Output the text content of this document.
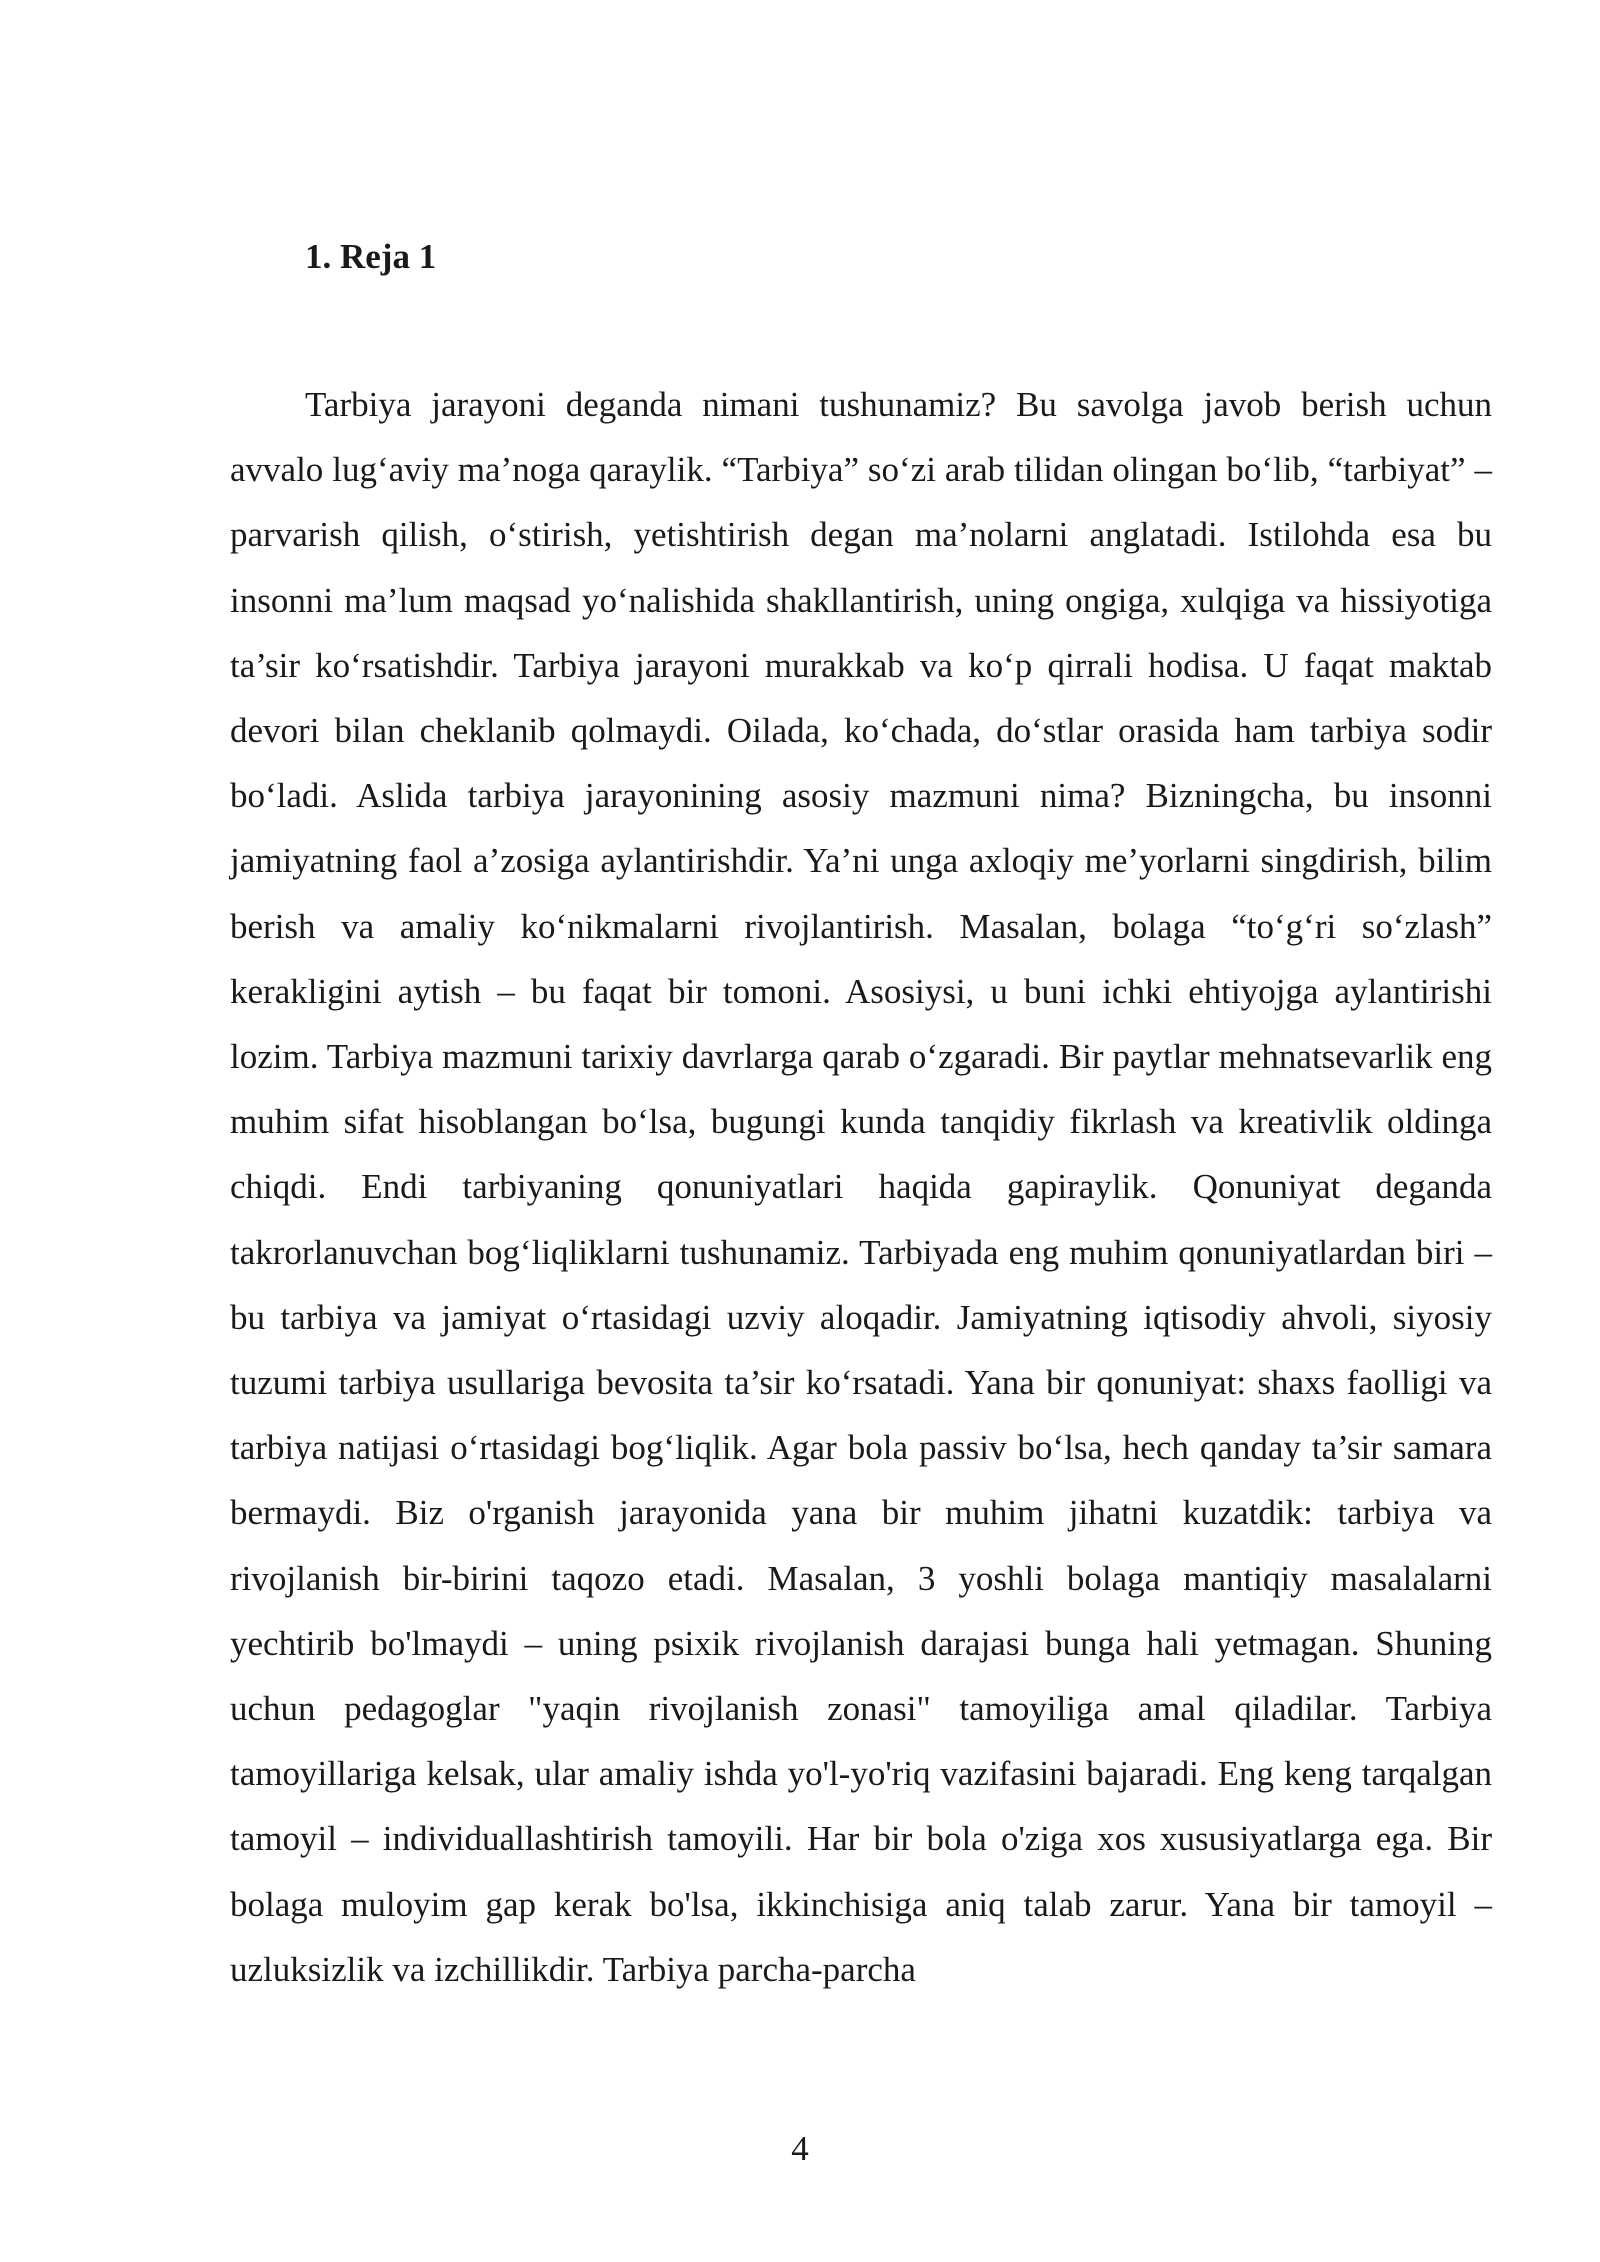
1. Reja 1

Tarbiya jarayoni deganda nimani tushunamiz? Bu savolga javob berish uchun avvalo lug‘aviy ma’noga qaraylik. “Tarbiya” so‘zi arab tilidan olingan bo‘lib, “tarbiyat” – parvarish qilish, o‘stirish, yetishtirish degan ma’nolarni anglatadi. Istilohda esa bu insonni ma’lum maqsad yo‘nalishida shakllantirish, uning ongiga, xulqiga va hissiyotiga ta’sir ko‘rsatishdir. Tarbiya jarayoni murakkab va ko‘p qirrali hodisa. U faqat maktab devori bilan cheklanib qolmaydi. Oilada, ko‘chada, do‘stlar orasida ham tarbiya sodir bo‘ladi. Aslida tarbiya jarayonining asosiy mazmuni nima? Bizningcha, bu insonni jamiyatning faol a’zosiga aylantirishdir. Ya’ni unga axloqiy me’yorlarni singdirish, bilim berish va amaliy ko‘nikmalarni rivojlantirish. Masalan, bolaga “to‘g‘ri so‘zlash” kerakligini aytish – bu faqat bir tomoni. Asosiysi, u buni ichki ehtiyojga aylantirishi lozim. Tarbiya mazmuni tarixiy davrlarga qarab o‘zgaradi. Bir paytlar mehnatsevarlik eng muhim sifat hisoblangan bo‘lsa, bugungi kunda tanqidiy fikrlash va kreativlik oldinga chiqdi. Endi tarbiyaning qonuniyatlari haqida gapiraylik. Qonuniyat deganda takrorlanuvchan bog‘liqliklarni tushunamiz. Tarbiyada eng muhim qonuniyatlardan biri – bu tarbiya va jamiyat o‘rtasidagi uzviy aloqadir. Jamiyatning iqtisodiy ahvoli, siyosiy tuzumi tarbiya usullariga bevosita ta’sir ko‘rsatadi. Yana bir qonuniyat: shaxs faolligi va tarbiya natijasi o‘rtasidagi bog‘liqlik. Agar bola passiv bo‘lsa, hech qanday ta’sir samara bermaydi. Biz o'rganish jarayonida yana bir muhim jihatni kuzatdik: tarbiya va rivojlanish bir-birini taqozo etadi. Masalan, 3 yoshli bolaga mantiqiy masalalarni yechtirib bo'lmaydi – uning psixik rivojlanish darajasi bunga hali yetmagan. Shuning uchun pedagoglar "yaqin rivojlanish zonasi" tamoyiliga amal qiladilar. Tarbiya tamoyillariga kelsak, ular amaliy ishda yo'l-yo'riq vazifasini bajaradi. Eng keng tarqalgan tamoyil – individuallashtirish tamoyili. Har bir bola o'ziga xos xususiyatlarga ega. Bir bolaga muloyim gap kerak bo'lsa, ikkinchisiga aniq talab zarur. Yana bir tamoyil – uzluksizlik va izchillikdir. Tarbiya parcha-parcha

4
